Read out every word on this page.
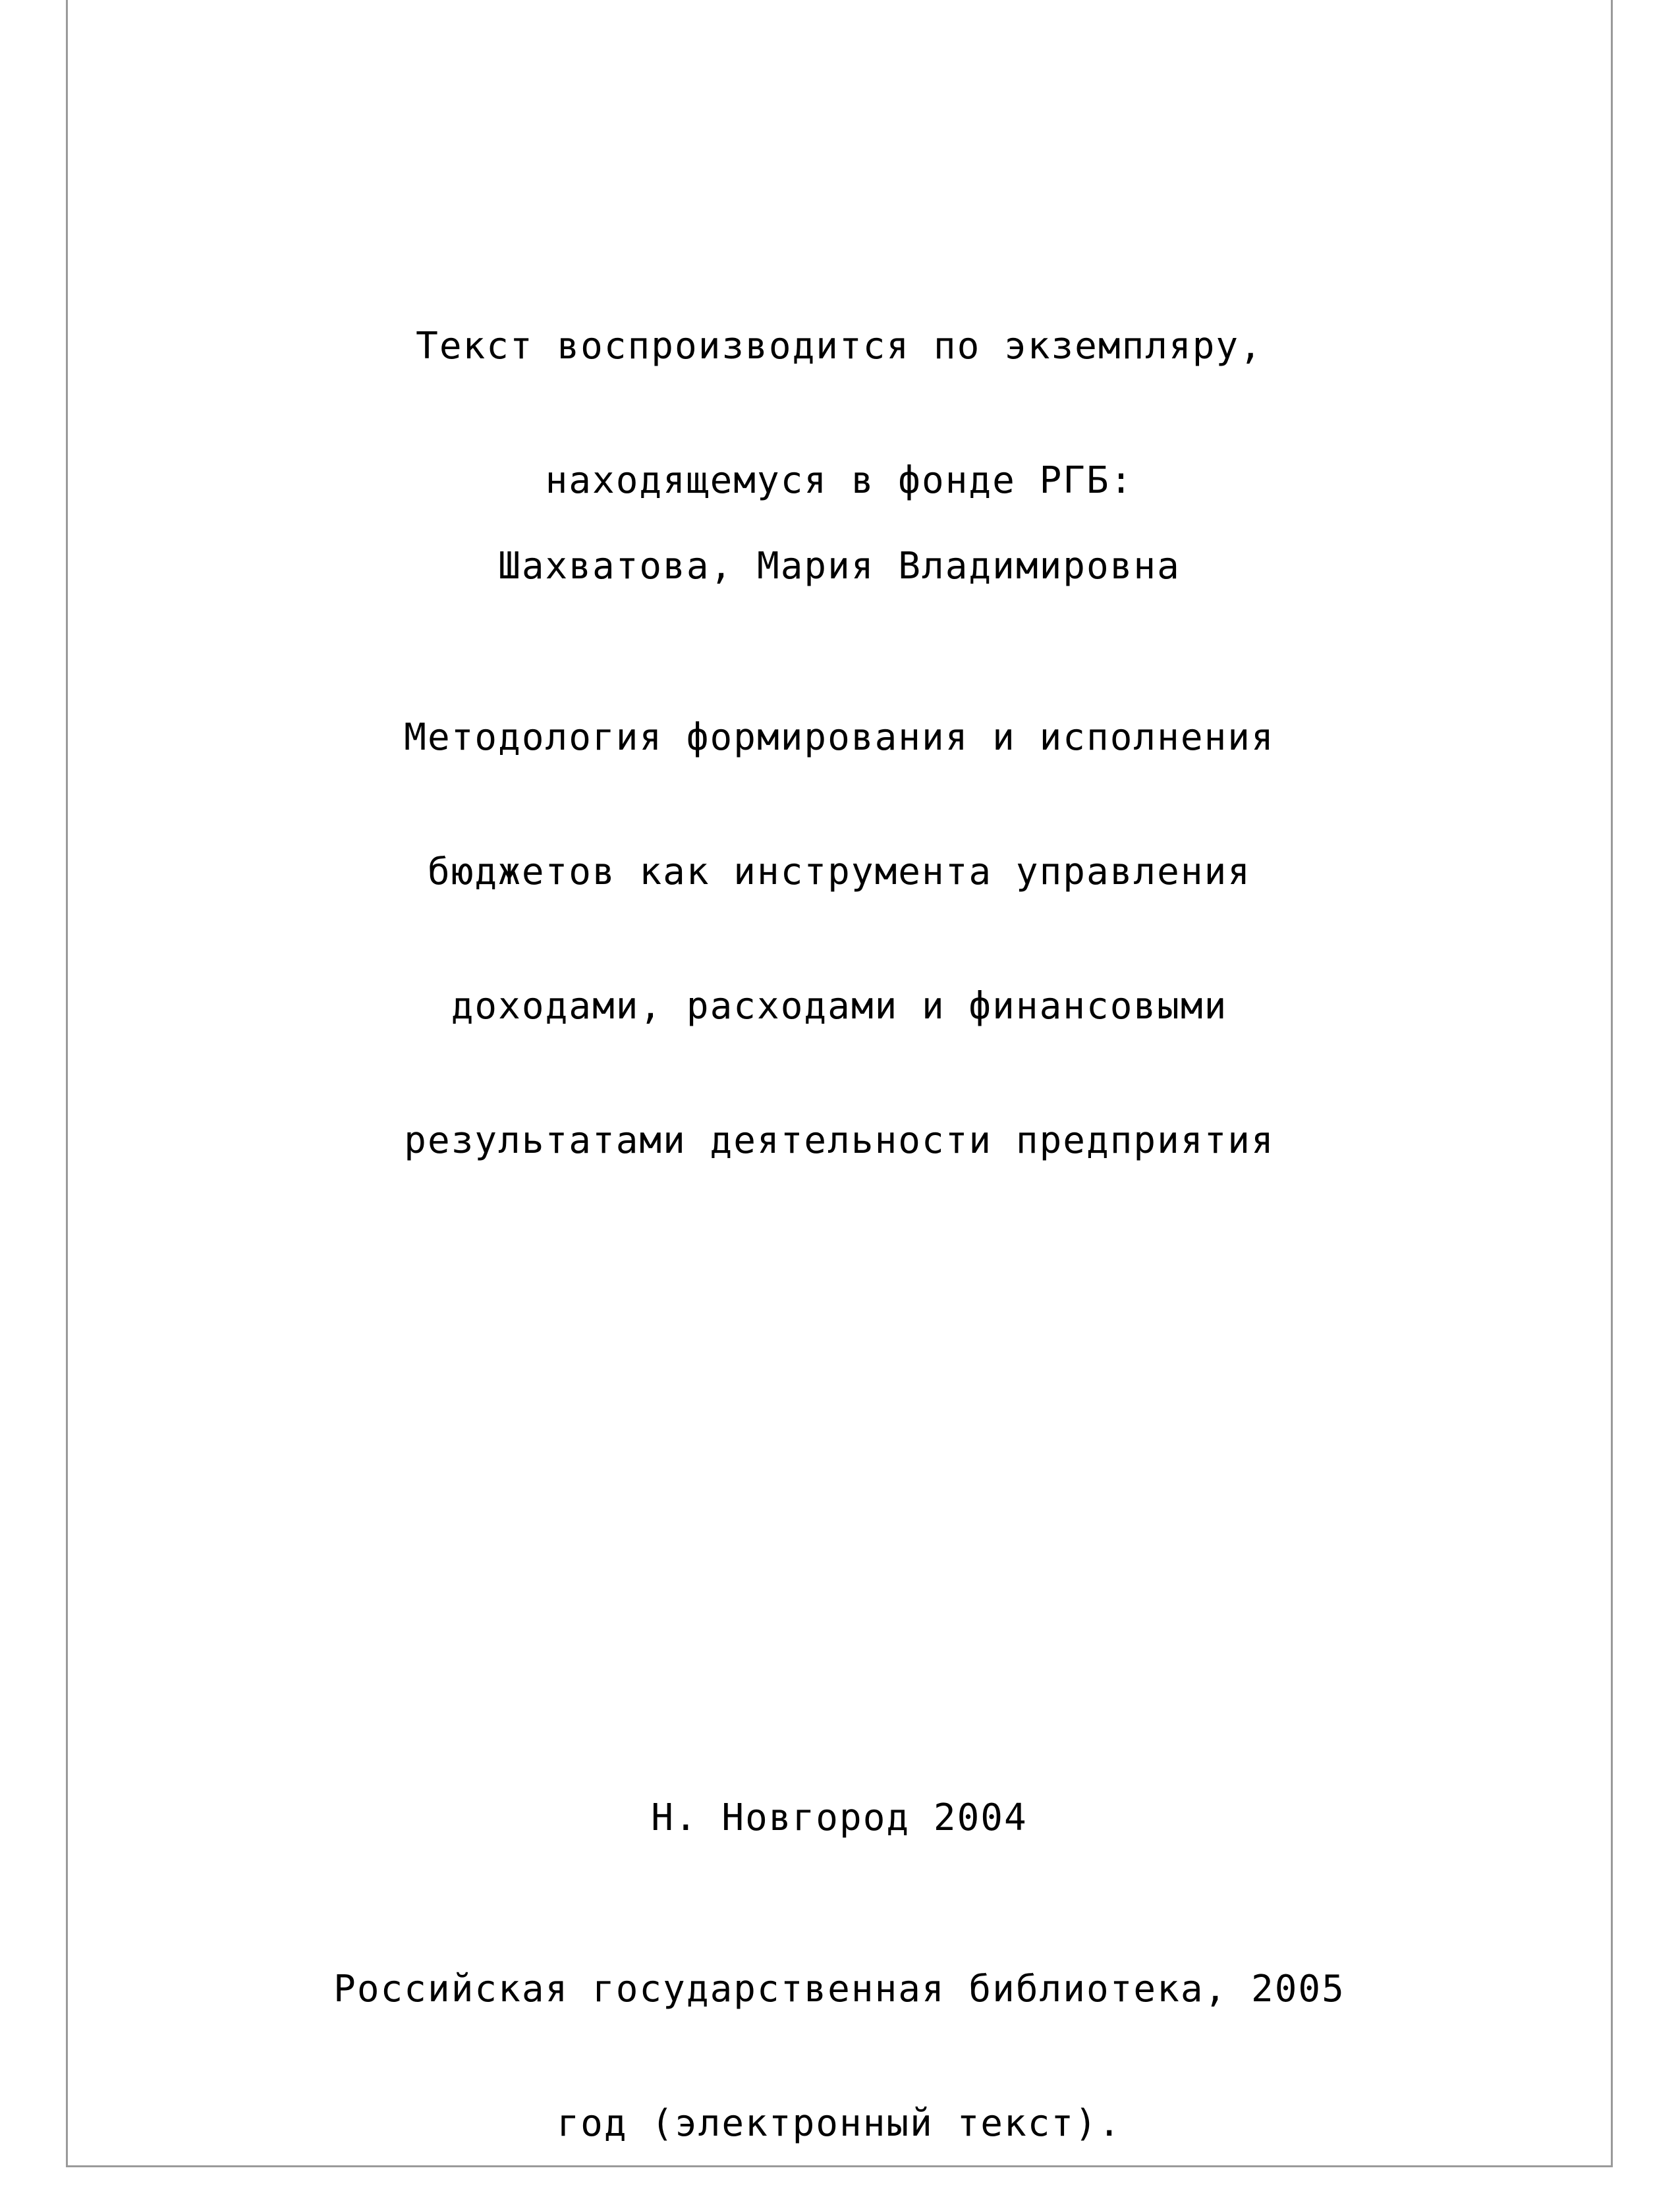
Текст воспроизводится по экземпляру,

находящемуся в фонде РГБ:

Шахватова, Мария Владимировна

Методология формирования и исполнения

бюджетов как инструмента управления

доходами, расходами и финансовыми

результатами деятельности предприятия

Н. Новгород 2004

Российская государственная библиотека, 2005

год (электронный текст).
